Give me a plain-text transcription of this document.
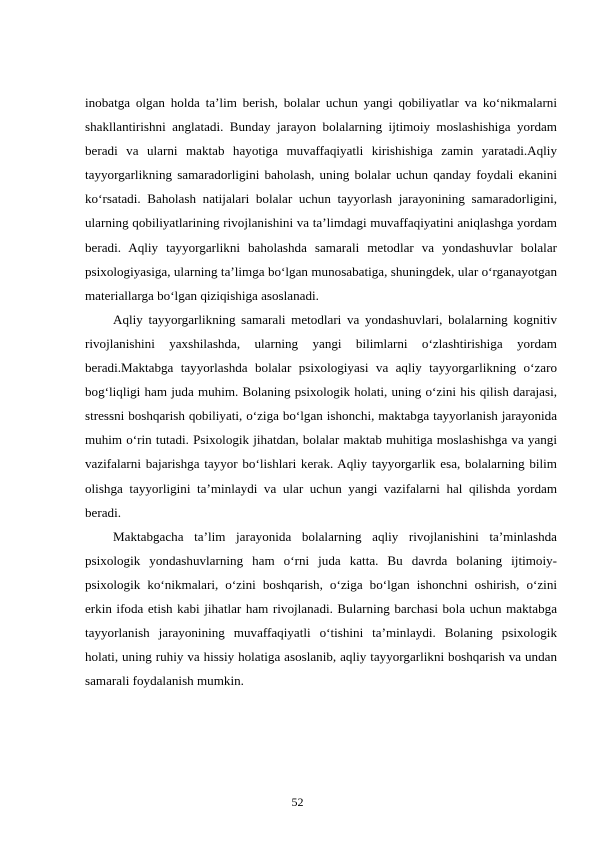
inobatga olgan holda ta’lim berish, bolalar uchun yangi qobiliyatlar va ko‘nikmalarni shakllantirishni anglatadi. Bunday jarayon bolalarning ijtimoiy moslashishiga yordam beradi va ularni maktab hayotiga muvaffaqiyatli kirishishiga zamin yaratadi.Aqliy tayyorgarlikning samaradorligini baholash, uning bolalar uchun qanday foydali ekanini ko‘rsatadi. Baholash natijalari bolalar uchun tayyorlash jarayonining samaradorligini, ularning qobiliyatlarining rivojlanishini va ta’limdagi muvaffaqiyatini aniqlashga yordam beradi. Aqliy tayyorgarlikni baholashda samarali metodlar va yondashuvlar bolalar psixologiyasiga, ularning ta’limga bo‘lgan munosabatiga, shuningdek, ular o‘rganayotgan materiallarga bo‘lgan qiziqishiga asoslanadi.

Aqliy tayyorgarlikning samarali metodlari va yondashuvlari, bolalarning kognitiv rivojlanishini yaxshilashda, ularning yangi bilimlarni o‘zlashtirishiga yordam beradi.Maktabga tayyorlashda bolalar psixologiyasi va aqliy tayyorgarlikning o‘zaro bog‘liqligi ham juda muhim. Bolaning psixologik holati, uning o‘zini his qilish darajasi, stressni boshqarish qobiliyati, o‘ziga bo‘lgan ishonchi, maktabga tayyorlanish jarayonida muhim o‘rin tutadi. Psixologik jihatdan, bolalar maktab muhitiga moslashishga va yangi vazifalarni bajarishga tayyor bo‘lishlari kerak. Aqliy tayyorgarlik esa, bolalarning bilim olishga tayyorligini ta’minlaydi va ular uchun yangi vazifalarni hal qilishda yordam beradi.

Maktabgacha ta’lim jarayonida bolalarning aqliy rivojlanishini ta’minlashda psixologik yondashuvlarning ham o‘rni juda katta. Bu davrda bolaning ijtimoiy-psixologik ko‘nikmalari, o‘zini boshqarish, o‘ziga bo‘lgan ishonchni oshirish, o‘zini erkin ifoda etish kabi jihatlar ham rivojlanadi. Bularning barchasi bola uchun maktabga tayyorlanish jarayonining muvaffaqiyatli o‘tishini ta’minlaydi. Bolaning psixologik holati, uning ruhiy va hissiy holatiga asoslanib, aqliy tayyorgarlikni boshqarish va undan samarali foydalanish mumkin.

52
